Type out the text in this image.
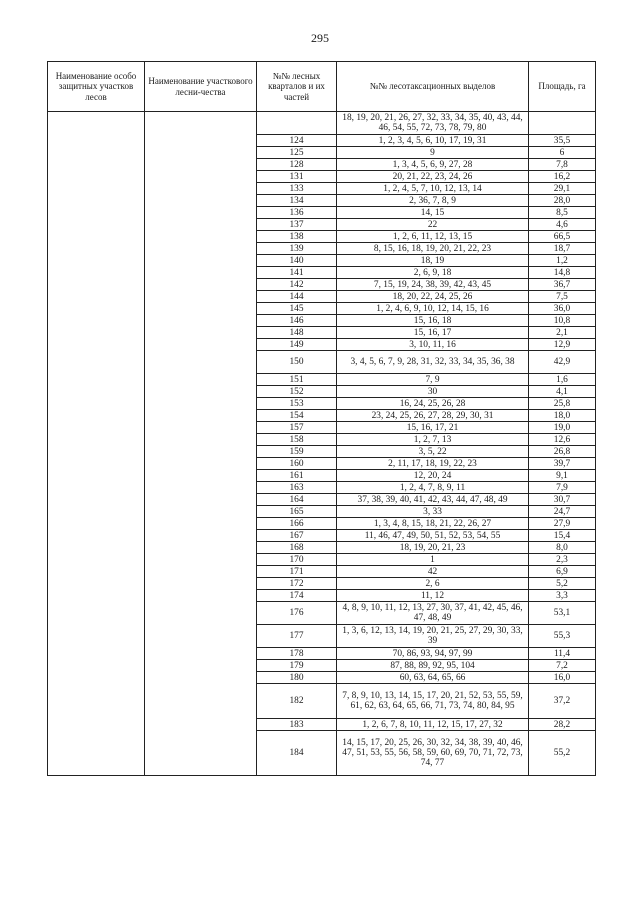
295
Наименование особо защитных участков лесов	Наименование участкового лесни-чества	№№ лесных кварталов и их частей	№№ лесотаксационных выделов	Площадь, га
			18, 19, 20, 21, 26, 27, 32, 33, 34, 35, 40, 43, 44, 46, 54, 55, 72, 73, 78, 79, 80	
		124	1, 2, 3, 4, 5, 6, 10, 17, 19, 31	35,5
		125	9	6
		128	1, 3, 4, 5, 6, 9, 27, 28	7,8
		131	20, 21, 22, 23, 24, 26	16,2
		133	1, 2, 4, 5, 7, 10, 12, 13, 14	29,1
		134	2, 36, 7, 8, 9	28,0
		136	14, 15	8,5
		137	22	4,6
		138	1, 2, 6, 11, 12, 13, 15	66,5
		139	8, 15, 16, 18, 19, 20, 21, 22, 23	18,7
		140	18, 19	1,2
		141	2, 6, 9, 18	14,8
		142	7, 15, 19, 24, 38, 39, 42, 43, 45	36,7
		144	18, 20, 22, 24, 25, 26	7,5
		145	1, 2, 4, 6, 9, 10, 12, 14, 15, 16	36,0
		146	15, 16, 18	10,8
		148	15, 16, 17	2,1
		149	3, 10, 11, 16	12,9
		150	3, 4, 5, 6, 7, 9, 28, 31, 32, 33, 34, 35, 36, 38	42,9
		151	7, 9	1,6
		152	30	4,1
		153	16, 24, 25, 26, 28	25,8
		154	23, 24, 25, 26, 27, 28, 29, 30, 31	18,0
		157	15, 16, 17, 21	19,0
		158	1, 2, 7, 13	12,6
		159	3, 5, 22	26,8
		160	2, 11, 17, 18, 19, 22, 23	39,7
		161	12, 20, 24	9,1
		163	1, 2, 4, 7, 8, 9, 11	7,9
		164	37, 38, 39, 40, 41, 42, 43, 44, 47, 48, 49	30,7
		165	3, 33	24,7
		166	1, 3, 4, 8, 15, 18, 21, 22, 26, 27	27,9
		167	11, 46, 47, 49, 50, 51, 52, 53, 54, 55	15,4
		168	18, 19, 20, 21, 23	8,0
		170	1	2,3
		171	42	6,9
		172	2, 6	5,2
		174	11, 12	3,3
		176	4, 8, 9, 10, 11, 12, 13, 27, 30, 37, 41, 42, 45, 46, 47, 48, 49	53,1
		177	1, 3, 6, 12, 13, 14, 19, 20, 21, 25, 27, 29, 30, 33, 39	55,3
		178	70, 86, 93, 94, 97, 99	11,4
		179	87, 88, 89, 92, 95, 104	7,2
		180	60, 63, 64, 65, 66	16,0
		182	7, 8, 9, 10, 13, 14, 15, 17, 20, 21, 52, 53, 55, 59, 61, 62, 63, 64, 65, 66, 71, 73, 74, 80, 84, 95	37,2
		183	1, 2, 6, 7, 8, 10, 11, 12, 15, 17, 27, 32	28,2
		184	14, 15, 17, 20, 25, 26, 30, 32, 34, 38, 39, 40, 46, 47, 51, 53, 55, 56, 58, 59, 60, 69, 70, 71, 72, 73, 74, 77	55,2
